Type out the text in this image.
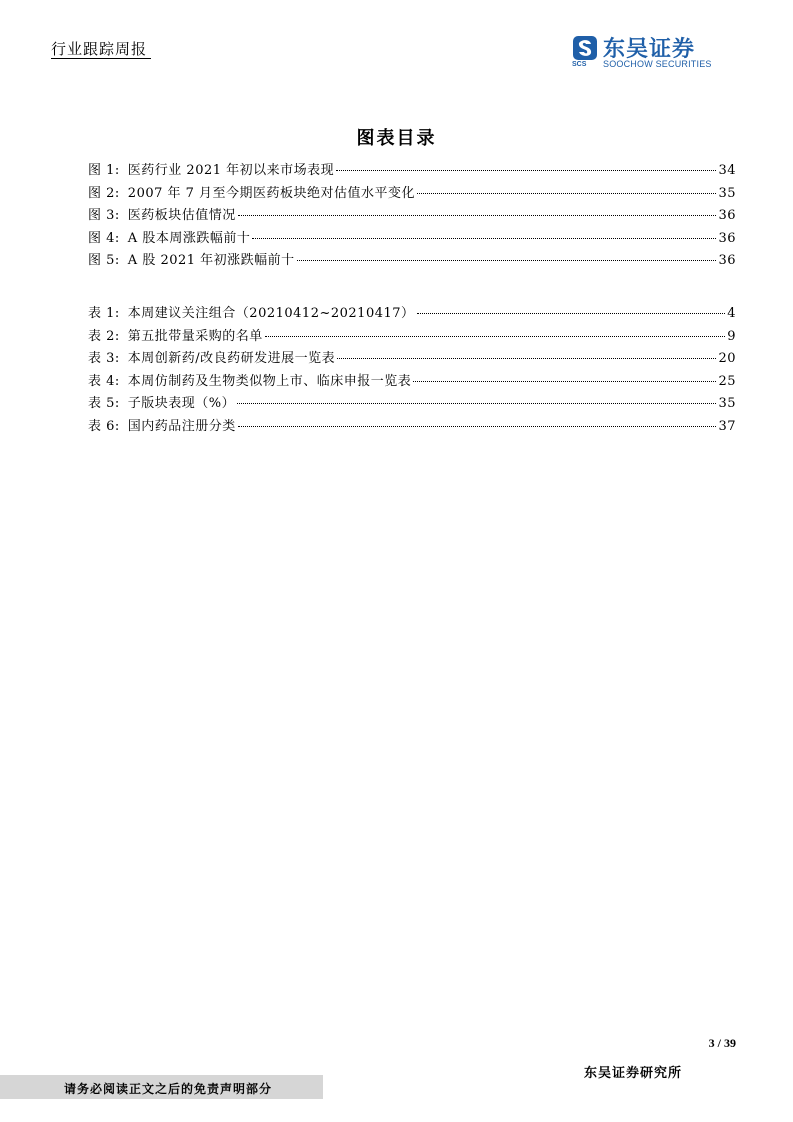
行业跟踪周报
SCS
东吴证券
SOOCHOW SECURITIES
图表目录
图 1: 医药行业 2021 年初以来市场表现	34
图 2: 2007 年 7 月至今期医药板块绝对估值水平变化	35
图 3: 医药板块估值情况	36
图 4: A 股本周涨跌幅前十	36
图 5: A 股 2021 年初涨跌幅前十	36
表 1: 本周建议关注组合（20210412~20210417）	4
表 2: 第五批带量采购的名单	9
表 3: 本周创新药/改良药研发进展一览表	20
表 4: 本周仿制药及生物类似物上市、临床申报一览表	25
表 5: 子版块表现（%）	35
表 6: 国内药品注册分类	37
3 / 39
东吴证券研究所
请务必阅读正文之后的免责声明部分
